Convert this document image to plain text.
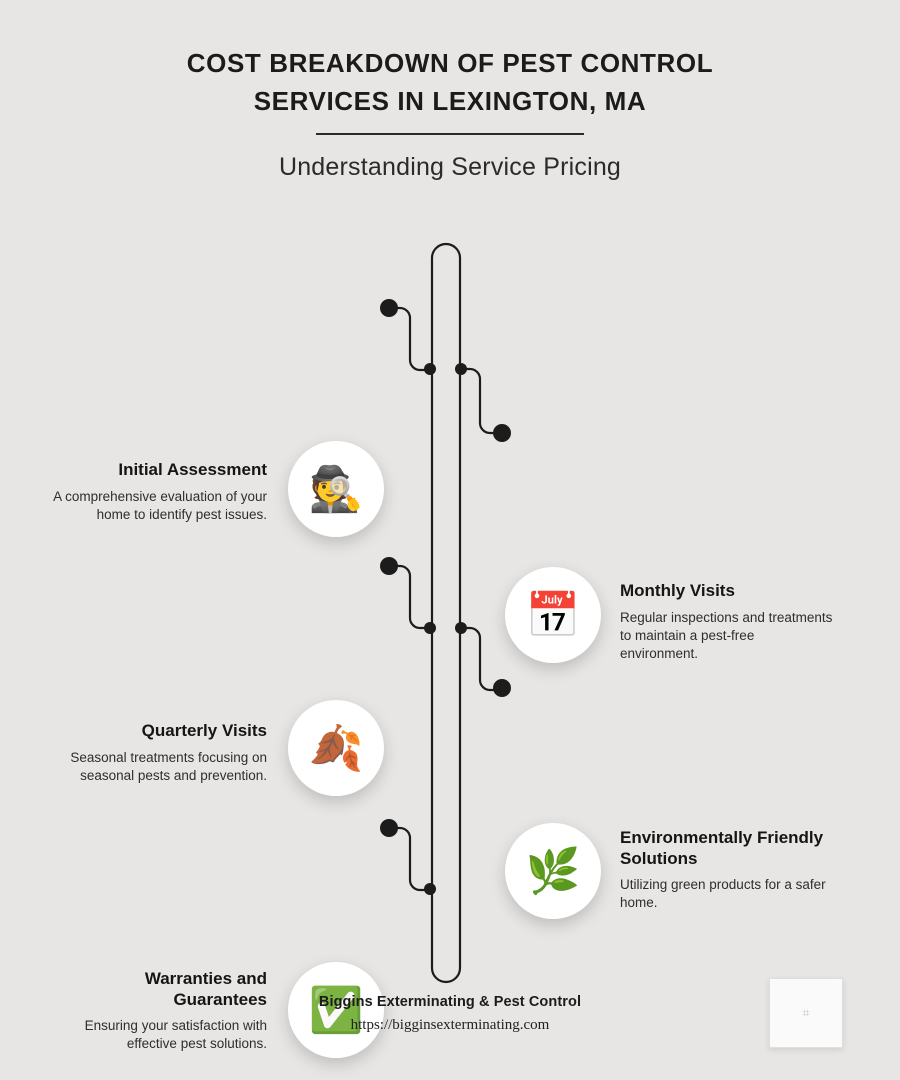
COST BREAKDOWN OF PEST CONTROL SERVICES IN LEXINGTON, MA
Understanding Service Pricing
🕵️
Initial Assessment
A comprehensive evaluation of your home to identify pest issues.
📅
Monthly Visits
Regular inspections and treatments to maintain a pest-free environment.
🍂
Quarterly Visits
Seasonal treatments focusing on seasonal pests and prevention.
🌿
Environmentally Friendly Solutions
Utilizing green products for a safer home.
✅
Warranties and Guarantees
Ensuring your satisfaction with effective pest solutions.
Biggins Exterminating & Pest Control
https://bigginsexterminating.com
⌗
